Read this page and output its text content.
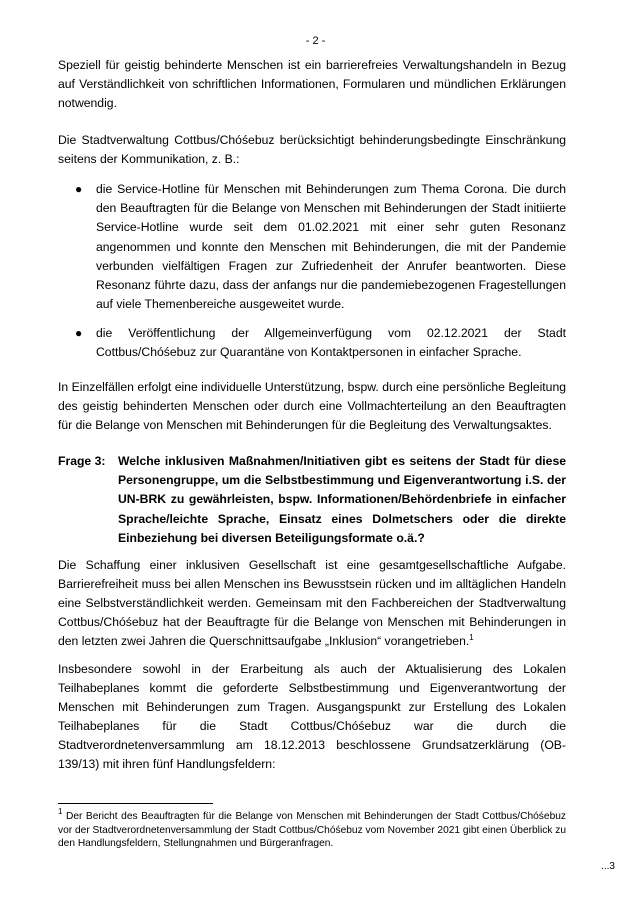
- 2 -
Speziell für geistig behinderte Menschen ist ein barrierefreies Verwaltungshandeln in Bezug auf Verständlichkeit von schriftlichen Informationen, Formularen und mündlichen Erklärungen notwendig.
Die Stadtverwaltung Cottbus/Chóśebuz berücksichtigt behinderungsbedingte Einschränkung seitens der Kommunikation, z. B.:
● die Service-Hotline für Menschen mit Behinderungen zum Thema Corona. Die durch den Beauftragten für die Belange von Menschen mit Behinderungen der Stadt initiierte Service-Hotline wurde seit dem 01.02.2021 mit einer sehr guten Resonanz angenommen und konnte den Menschen mit Behinderungen, die mit der Pandemie verbunden vielfältigen Fragen zur Zufriedenheit der Anrufer beantworten. Diese Resonanz führte dazu, dass der anfangs nur die pandemiebezogenen Fragestellungen auf viele Themenbereiche ausgeweitet wurde.
● die Veröffentlichung der Allgemeinverfügung vom 02.12.2021 der Stadt Cottbus/Chóśebuz zur Quarantäne von Kontaktpersonen in einfacher Sprache.
In Einzelfällen erfolgt eine individuelle Unterstützung, bspw. durch eine persönliche Begleitung des geistig behinderten Menschen oder durch eine Vollmachterteilung an den Beauftragten für die Belange von Menschen mit Behinderungen für die Begleitung des Verwaltungsaktes.
Frage 3: Welche inklusiven Maßnahmen/Initiativen gibt es seitens der Stadt für diese Personengruppe, um die Selbstbestimmung und Eigenverantwortung i.S. der UN-BRK zu gewährleisten, bspw. Informationen/Behördenbriefe in einfacher Sprache/leichte Sprache, Einsatz eines Dolmetschers oder die direkte Einbeziehung bei diversen Beteiligungsformate o.ä.?
Die Schaffung einer inklusiven Gesellschaft ist eine gesamtgesellschaftliche Aufgabe. Barrierefreiheit muss bei allen Menschen ins Bewusstsein rücken und im alltäglichen Handeln eine Selbstverständlichkeit werden. Gemeinsam mit den Fachbereichen der Stadtverwaltung Cottbus/Chóśebuz hat der Beauftragte für die Belange von Menschen mit Behinderungen in den letzten zwei Jahren die Querschnittsaufgabe „Inklusion“ vorangetrieben.$^1$
Insbesondere sowohl in der Erarbeitung als auch der Aktualisierung des Lokalen Teilhabeplanes kommt die geforderte Selbstbestimmung und Eigenverantwortung der Menschen mit Behinderungen zum Tragen. Ausgangspunkt zur Erstellung des Lokalen Teilhabeplanes für die Stadt Cottbus/Chóśebuz war die durch die Stadtverordnetenversammlung am 18.12.2013 beschlossene Grundsatzerklärung (OB-139/13) mit ihren fünf Handlungsfeldern:
$^1$ Der Bericht des Beauftragten für die Belange von Menschen mit Behinderungen der Stadt Cottbus/Chóśebuz vor der Stadtverordnetenversammlung der Stadt Cottbus/Chóśebuz vom November 2021 gibt einen Überblick zu den Handlungsfeldern, Stellungnahmen und Bürgeranfragen.
...3
